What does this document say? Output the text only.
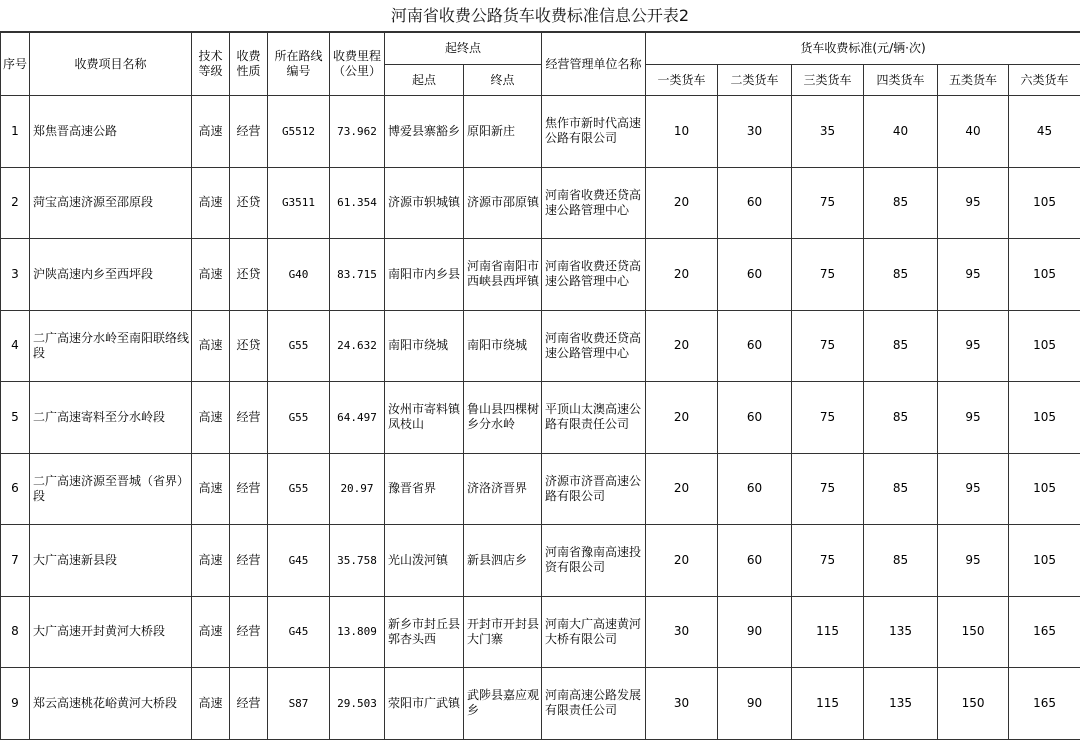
河南省收费公路货车收费标准信息公开表2
序号	收费项目名称	技术等级	收费性质	所在路线编号	收费里程（公里）	起终点		经营管理单位名称	货车收费标准(元/辆·次)					
						起点	终点		一类货车	二类货车	三类货车	四类货车	五类货车	六类货车
1	郑焦晋高速公路	高速	经营	G5512	73.962	博爱县寨豁乡	原阳新庄	焦作市新时代高速公路有限公司	10	30	35	40	40	45
2	菏宝高速济源至邵原段	高速	还贷	G3511	61.354	济源市轵城镇	济源市邵原镇	河南省收费还贷高速公路管理中心	20	60	75	85	95	105
3	沪陕高速内乡至西坪段	高速	还贷	G40	83.715	南阳市内乡县	河南省南阳市西峡县西坪镇	河南省收费还贷高速公路管理中心	20	60	75	85	95	105
4	二广高速分水岭至南阳联络线段	高速	还贷	G55	24.632	南阳市绕城	南阳市绕城	河南省收费还贷高速公路管理中心	20	60	75	85	95	105
5	二广高速寄料至分水岭段	高速	经营	G55	64.497	汝州市寄料镇凤枝山	鲁山县四棵树乡分水岭	平顶山太澳高速公路有限责任公司	20	60	75	85	95	105
6	二广高速济源至晋城（省界）段	高速	经营	G55	20.97	豫晋省界	济洛济晋界	济源市济晋高速公路有限公司	20	60	75	85	95	105
7	大广高速新县段	高速	经营	G45	35.758	光山泼河镇	新县泗店乡	河南省豫南高速投资有限公司	20	60	75	85	95	105
8	大广高速开封黄河大桥段	高速	经营	G45	13.809	新乡市封丘县郭杏头西	开封市开封县大门寨	河南大广高速黄河大桥有限公司	30	90	115	135	150	165
9	郑云高速桃花峪黄河大桥段	高速	经营	S87	29.503	荥阳市广武镇	武陟县嘉应观乡	河南高速公路发展有限责任公司	30	90	115	135	150	165
